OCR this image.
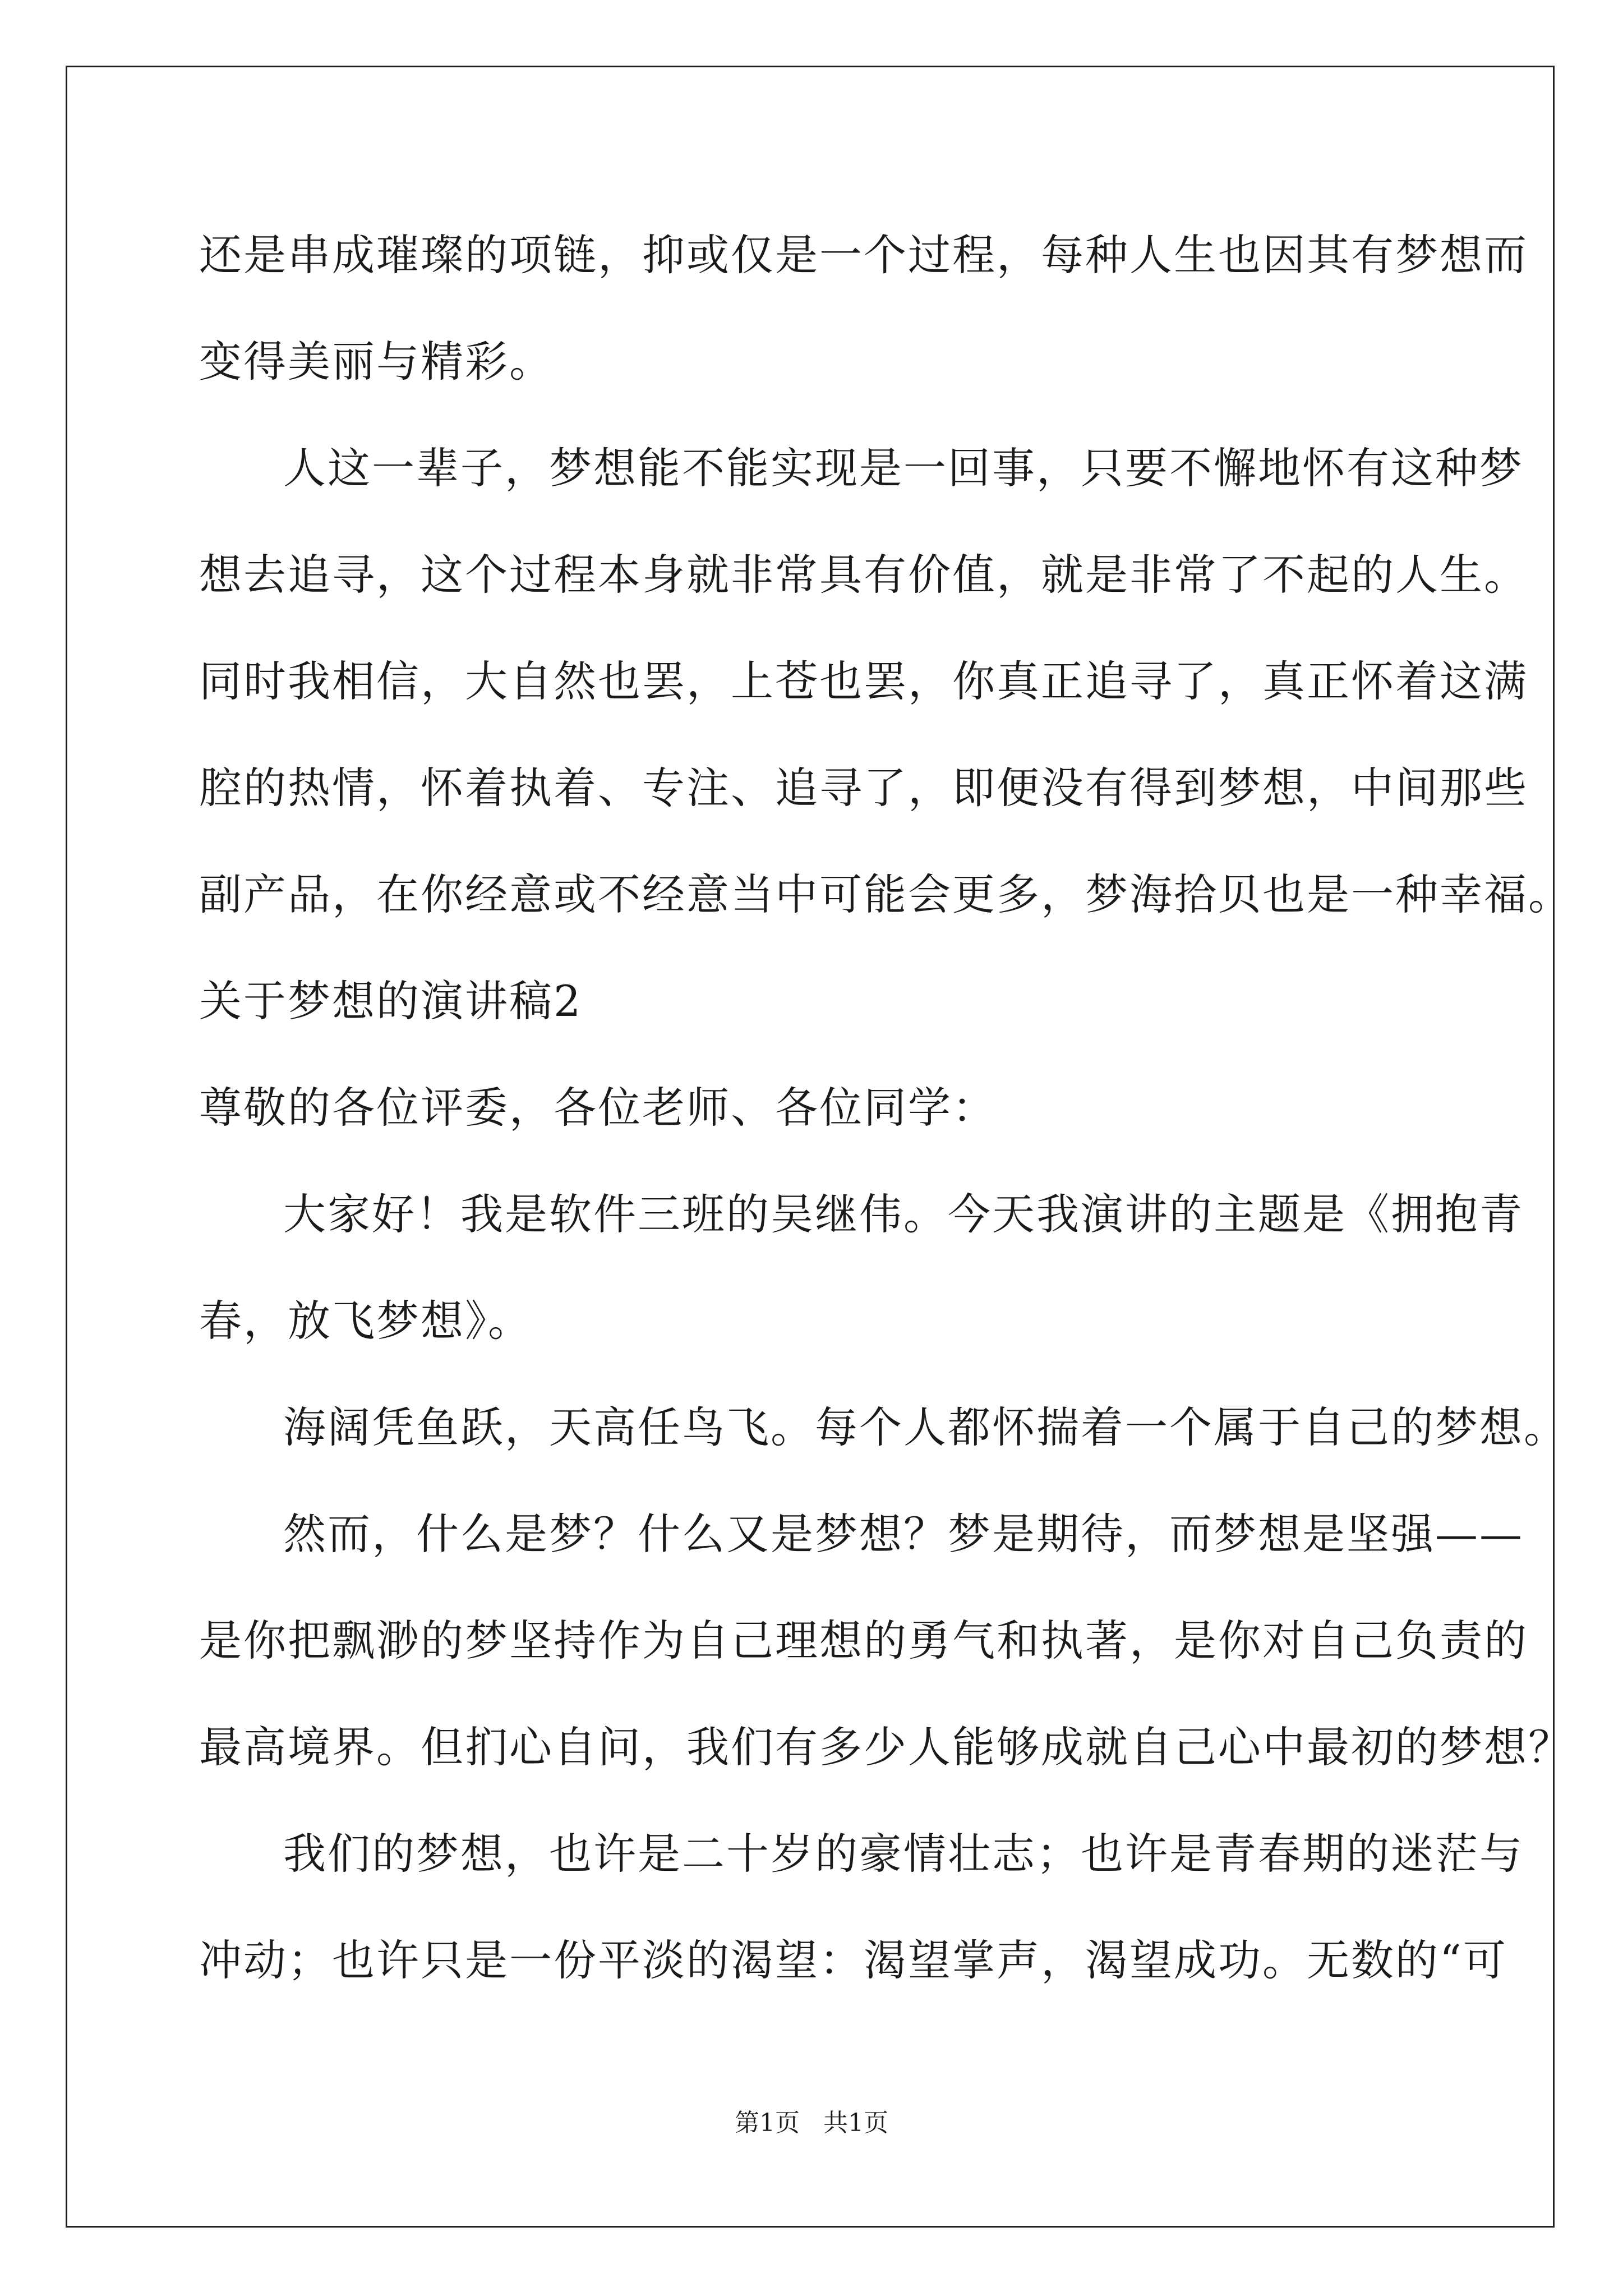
还是串成璀璨的项链，抑或仅是一个过程，每种人生也因其有梦想而
变得美丽与精彩。
人这一辈子，梦想能不能实现是一回事，只要不懈地怀有这种梦
想去追寻，这个过程本身就非常具有价值，就是非常了不起的人生。
同时我相信，大自然也罢，上苍也罢，你真正追寻了，真正怀着这满
腔的热情，怀着执着、专注、追寻了，即便没有得到梦想，中间那些
副产品，在你经意或不经意当中可能会更多，梦海拾贝也是一种幸福。
关于梦想的演讲稿2
尊敬的各位评委，各位老师、各位同学：
大家好！我是软件三班的吴继伟。今天我演讲的主题是《拥抱青
春，放飞梦想》。
海阔凭鱼跃，天高任鸟飞。每个人都怀揣着一个属于自己的梦想。
然而，什么是梦？什么又是梦想？梦是期待，而梦想是坚强——
是你把飘渺的梦坚持作为自己理想的勇气和执著，是你对自己负责的
最高境界。但扪心自问，我们有多少人能够成就自己心中最初的梦想？
我们的梦想，也许是二十岁的豪情壮志；也许是青春期的迷茫与
冲动；也许只是一份平淡的渴望：渴望掌声，渴望成功。无数的“可
第1页   共1页
